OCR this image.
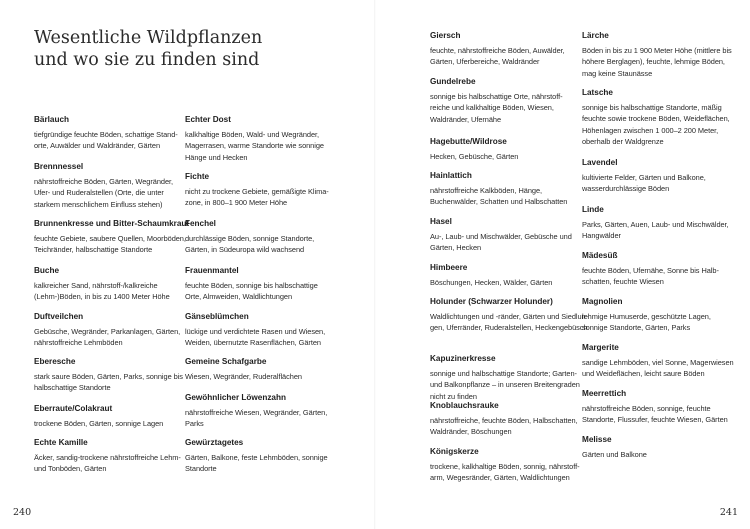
Wesentliche Wildpflanzen
und wo sie zu finden sind
Bärlauch
tiefgründige feuchte Böden, schattige Stand-
orte, Auwälder und Waldränder, Gärten
Brennnessel
nährstoffreiche Böden, Gärten, Wegränder,
Ufer- und Ruderalstellen (Orte, die unter
starkem menschlichem Einfluss stehen)
Brunnenkresse und Bitter-Schaumkraut
feuchte Gebiete, saubere Quellen, Moorböden,
Teichränder, halbschattige Standorte
Buche
kalkreicher Sand, nährstoff-/kalkreiche
(Lehm-)Böden, in bis zu 1400 Meter Höhe
Duftveilchen
Gebüsche, Wegränder, Parkanlagen, Gärten,
nährstoffreiche Lehmböden
Eberesche
stark saure Böden, Gärten, Parks, sonnige bis
halbschattige Standorte
Eberraute/Colakraut
trockene Böden, Gärten, sonnige Lagen
Echte Kamille
Äcker, sandig-trockene nährstoffreiche Lehm-
und Tonböden, Gärten
Echter Dost
kalkhaltige Böden, Wald- und Wegränder,
Magerrasen, warme Standorte wie sonnige
Hänge und Hecken
Fichte
nicht zu trockene Gebiete, gemäßigte Klima-
zone, in 800–1 900 Meter Höhe
Fenchel
durchlässige Böden, sonnige Standorte,
Gärten, in Südeuropa wild wachsend
Frauenmantel
feuchte Böden, sonnige bis halbschattige
Orte, Almweiden, Waldlichtungen
Gänseblümchen
lückige und verdichtete Rasen und Wiesen,
Weiden, übernutzte Rasenflächen, Gärten
Gemeine Schafgarbe
Wiesen, Wegränder, Ruderalflächen
Gewöhnlicher Löwenzahn
nährstoffreiche Wiesen, Wegränder, Gärten,
Parks
Gewürztagetes
Gärten, Balkone, feste Lehmböden, sonnige
Standorte
Giersch
feuchte, nährstoffreiche Böden, Auwälder,
Gärten, Uferbereiche, Waldränder
Gundelrebe
sonnige bis halbschattige Orte, nährstoff-
reiche und kalkhaltige Böden, Wiesen,
Waldränder, Ufernähe
Hagebutte/Wildrose
Hecken, Gebüsche, Gärten
Hainlattich
nährstoffreiche Kalkböden, Hänge,
Buchenwälder, Schatten und Halbschatten
Hasel
Au-, Laub- und Mischwälder, Gebüsche und
Gärten, Hecken
Himbeere
Böschungen, Hecken, Wälder, Gärten
Holunder (Schwarzer Holunder)
Waldlichtungen und -ränder, Gärten und Siedlun-
gen, Uferränder, Ruderalstellen, Heckengebüsch
Kapuzinerkresse
sonnige und halbschattige Standorte; Garten-
und Balkonpflanze – in unseren Breitengraden
nicht zu finden
Knoblauchsrauke
nährstoffreiche, feuchte Böden, Halbschatten,
Waldränder, Böschungen
Königskerze
trockene, kalkhaltige Böden, sonnig, nährstoff-
arm, Wegesränder, Gärten, Waldlichtungen
Lärche
Böden in bis zu 1 900 Meter Höhe (mittlere bis
höhere Berglagen), feuchte, lehmige Böden,
mag keine Staunässe
Latsche
sonnige bis halbschattige Standorte, mäßig
feuchte sowie trockene Böden, Weideflächen,
Höhenlagen zwischen 1 000–2 200 Meter,
oberhalb der Waldgrenze
Lavendel
kultivierte Felder, Gärten und Balkone,
wasserdurchlässige Böden
Linde
Parks, Gärten, Auen, Laub- und Mischwälder,
Hangwälder
Mädesüß
feuchte Böden, Ufernähe, Sonne bis Halb-
schatten, feuchte Wiesen
Magnolien
lehmige Humuserde, geschützte Lagen,
sonnige Standorte, Gärten, Parks
Margerite
sandige Lehmböden, viel Sonne, Magerwiesen
und Weideflächen, leicht saure Böden
Meerrettich
nährstoffreiche Böden, sonnige, feuchte
Standorte, Flussufer, feuchte Wiesen, Gärten
Melisse
Gärten und Balkone
240	241
